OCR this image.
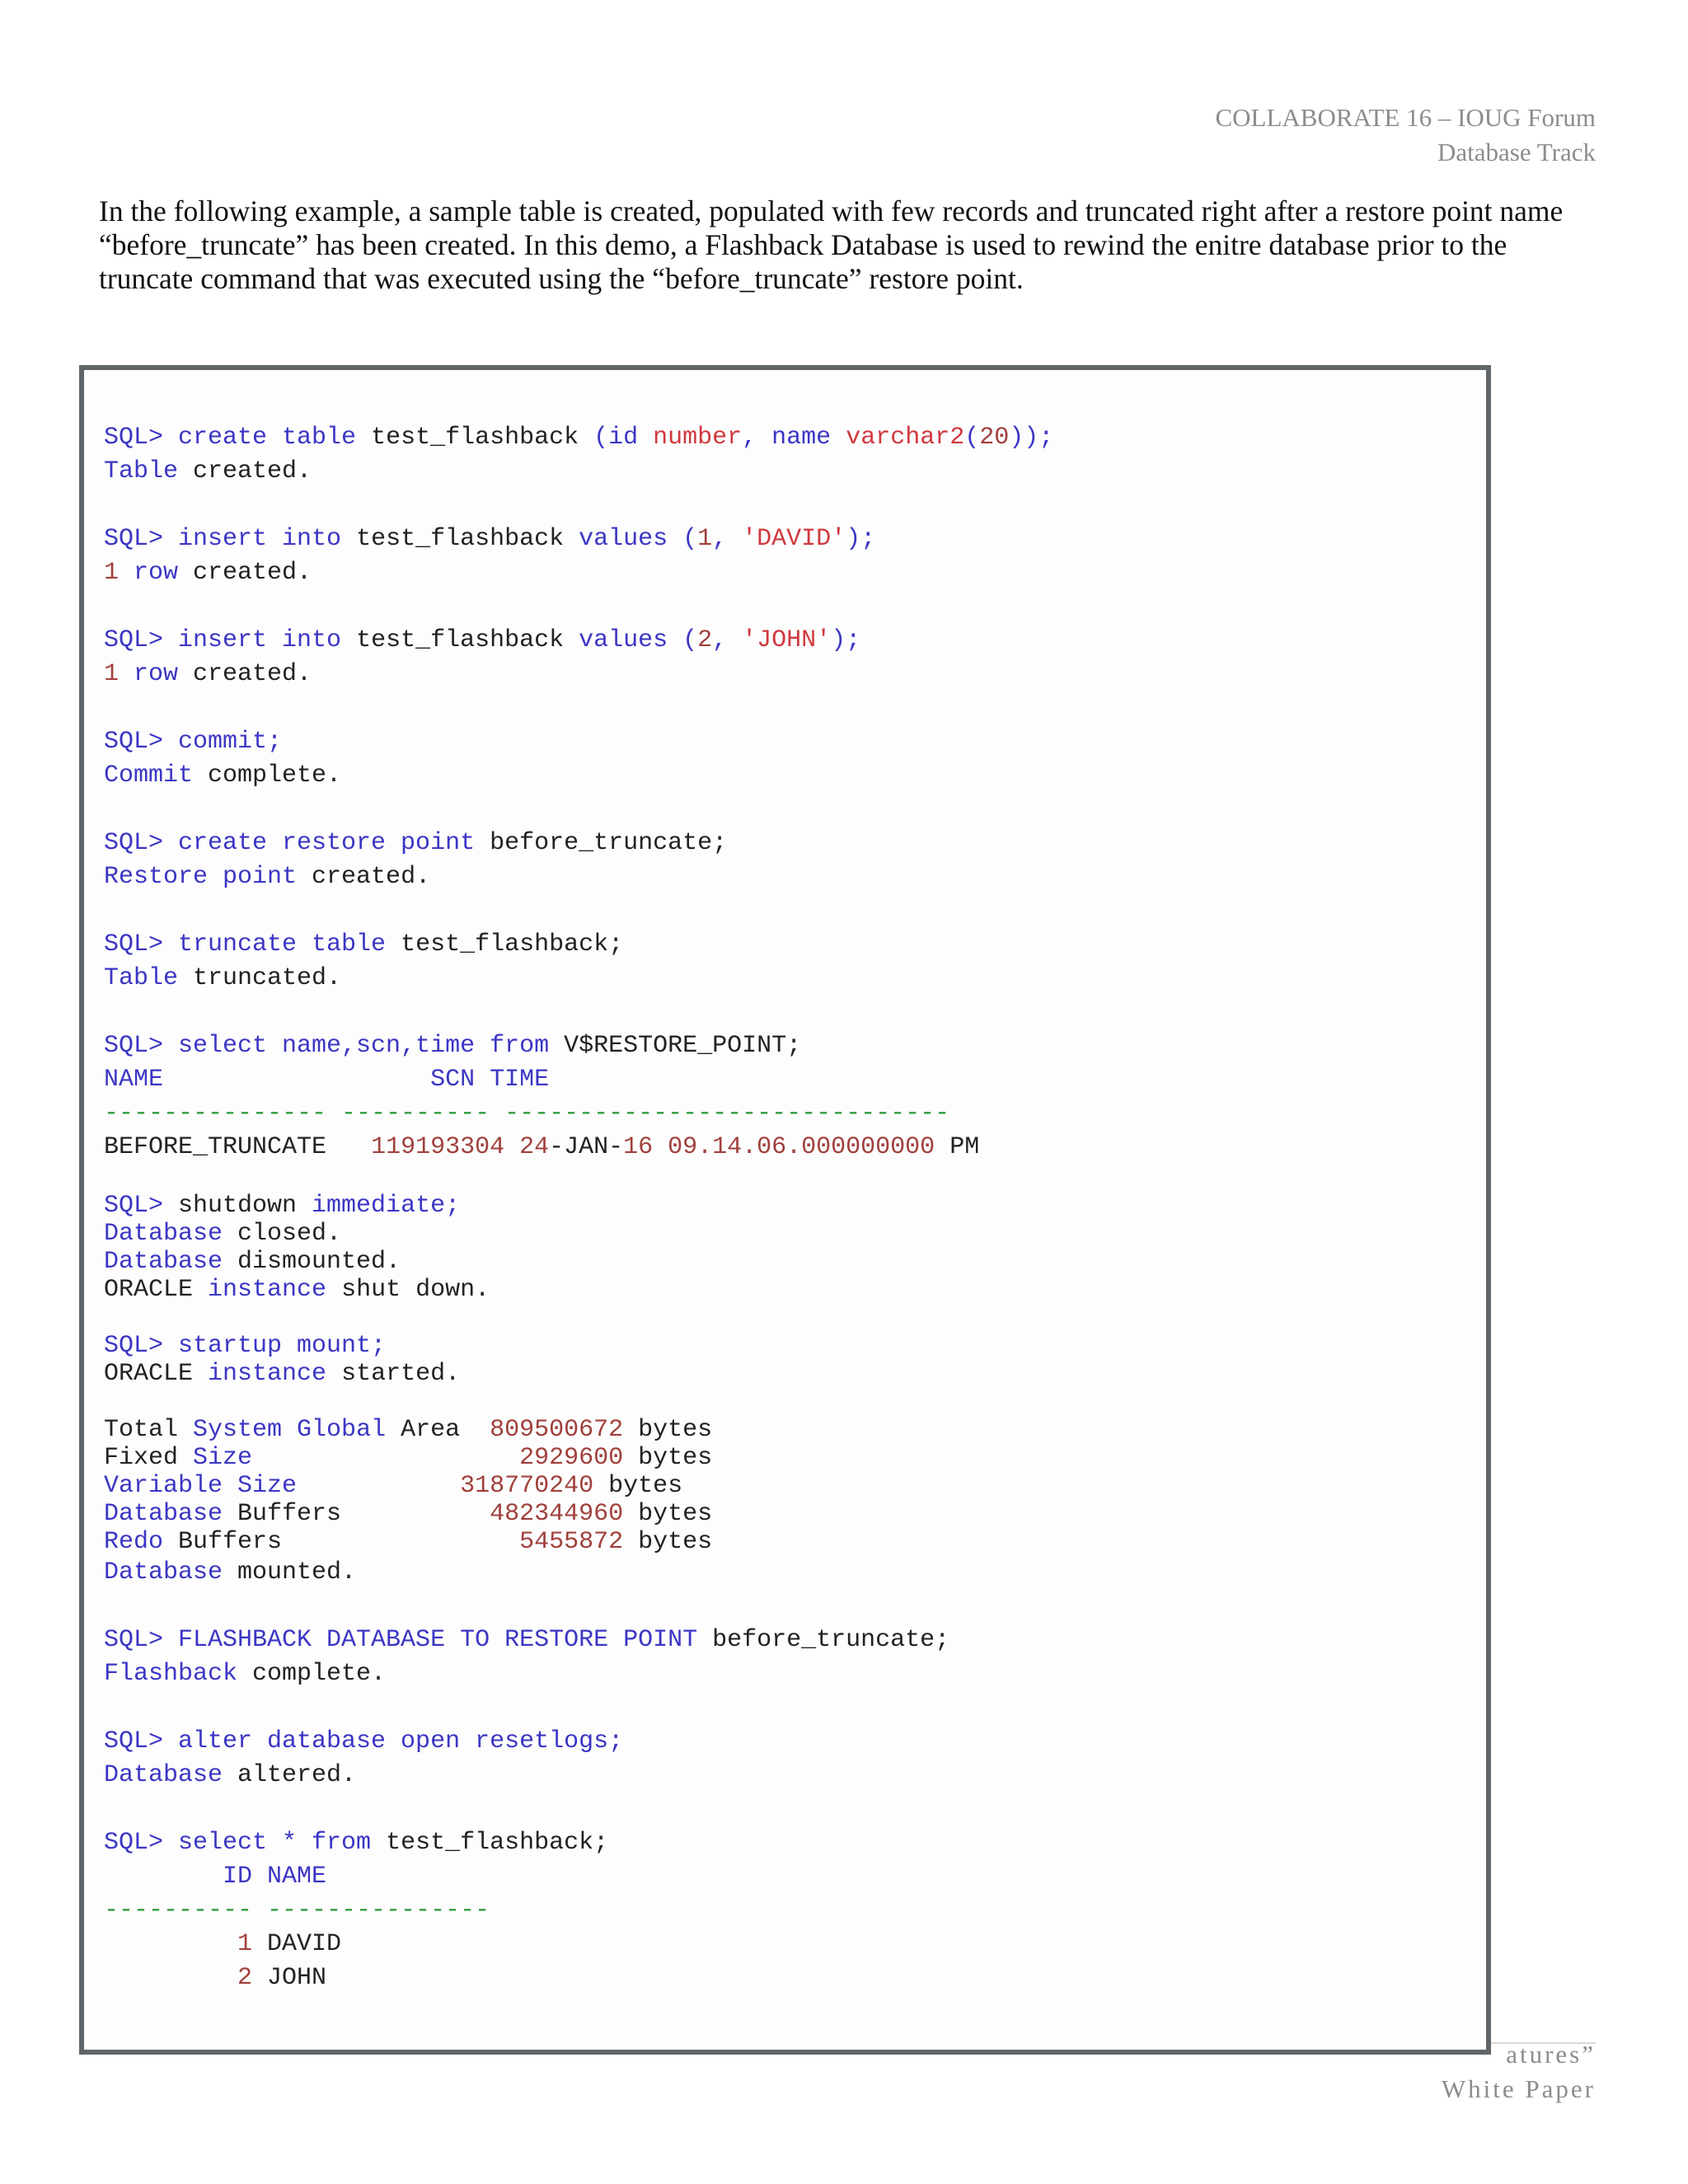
COLLABORATE 16 – IOUG Forum
Database Track

In the following example, a sample table is created, populated with few records and truncated right after a restore point name “before_truncate” has been created. In this demo, a Flashback Database is used to rewind the enitre database prior to the truncate command that was executed using the “before_truncate” restore point.

atures”
White Paper
SQL> create table test_flashback (id number, name varchar2(20));
Table created.
SQL> insert into test_flashback values (1, 'DAVID');
1 row created.
SQL> insert into test_flashback values (2, 'JOHN');
1 row created.
SQL> commit;
Commit complete.
SQL> create restore point before_truncate;
Restore point created.
SQL> truncate table test_flashback;
Table truncated.
SQL> select name,scn,time from V$RESTORE_POINT;
NAME                  SCN TIME
--------------- ---------- ------------------------------
BEFORE_TRUNCATE   119193304 24-JAN-16 09.14.06.000000000 PM
SQL> shutdown immediate;
Database closed.
Database dismounted.
ORACLE instance shut down.
SQL> startup mount;
ORACLE instance started.
Total System Global Area  809500672 bytes
Fixed Size                  2929600 bytes
Variable Size           318770240 bytes
Database Buffers          482344960 bytes
Redo Buffers                5455872 bytes
Database mounted.
SQL> FLASHBACK DATABASE TO RESTORE POINT before_truncate;
Flashback complete.
SQL> alter database open resetlogs;
Database altered.
SQL> select * from test_flashback;
ID NAME
---------- ---------------
1 DAVID
2 JOHN
